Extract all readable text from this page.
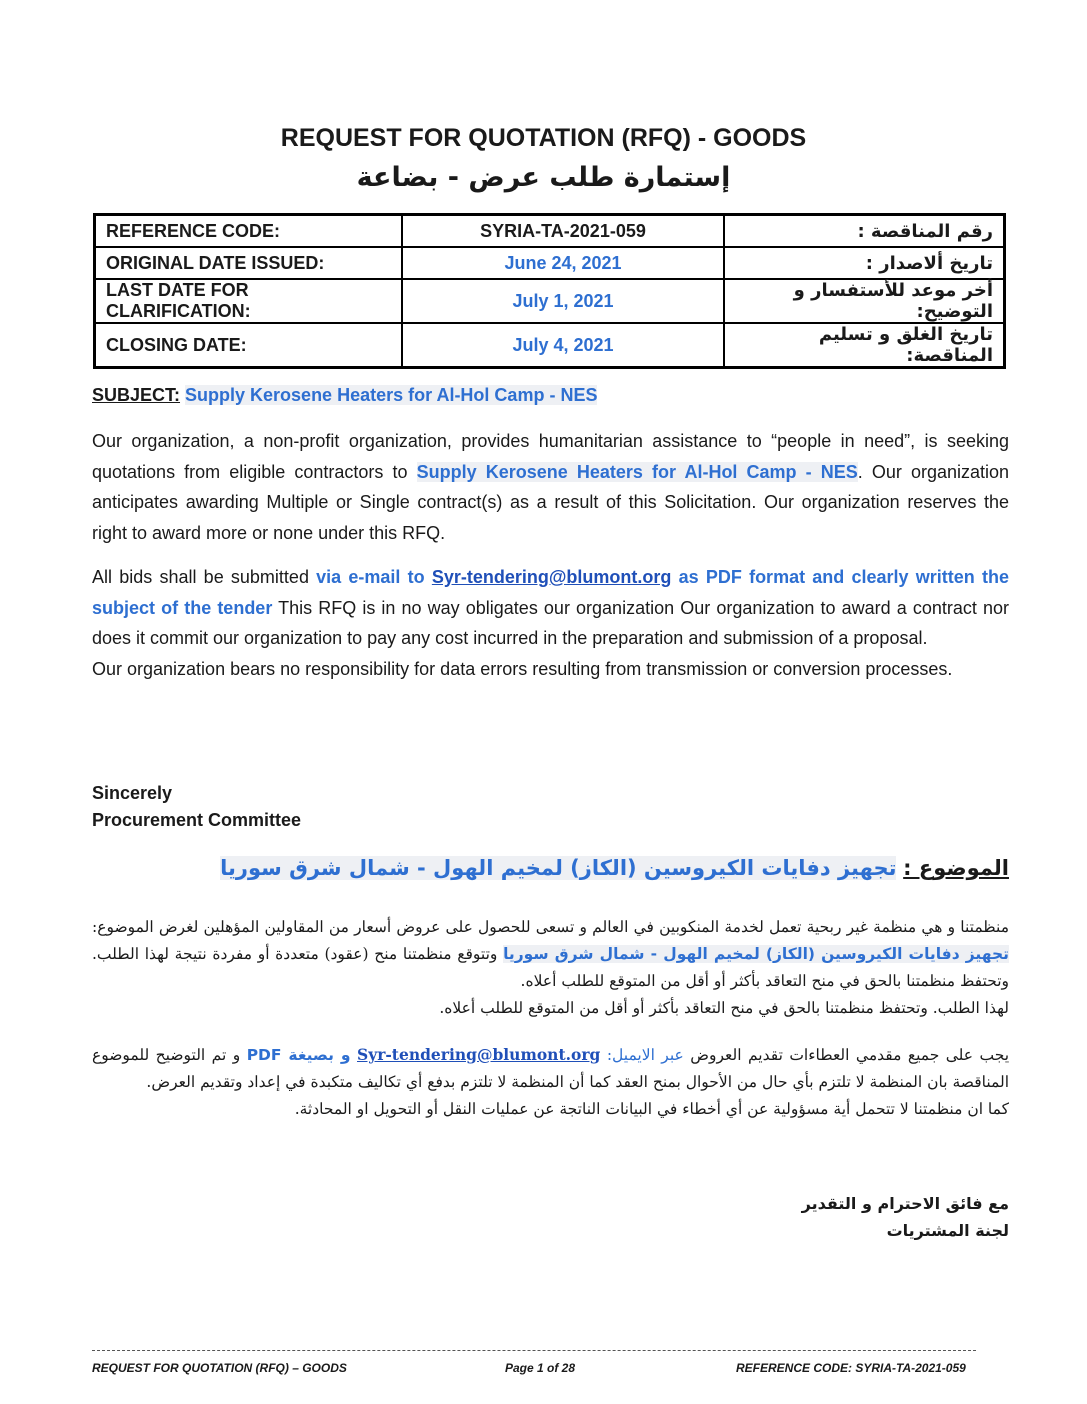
REQUEST FOR QUOTATION (RFQ) - GOODS
إستمارة طلب عرض - بضاعة
REFERENCE CODE:	SYRIA-TA-2021-059	رقم المناقصة :
ORIGINAL DATE ISSUED:	June 24, 2021	تاريخ ألاصدار :
LAST DATE FOR CLARIFICATION:	July 1, 2021	أخر موعد للأستفسار و التوضيح:
CLOSING DATE:	July 4, 2021	تاريخ الغلق و تسليم المناقصة:
SUBJECT: Supply Kerosene Heaters for Al-Hol Camp - NES
Our organization, a non-profit organization, provides humanitarian assistance to “people in need”, is seeking quotations from eligible contractors to Supply Kerosene Heaters for Al-Hol Camp - NES. Our organization anticipates awarding Multiple or Single contract(s) as a result of this Solicitation. Our organization reserves the right to award more or none under this RFQ.
All bids shall be submitted via e-mail to Syr-tendering@blumont.org as PDF format and clearly written the subject of the tender This RFQ is in no way obligates our organization Our organization to award a contract nor does it commit our organization to pay any cost incurred in the preparation and submission of a proposal.
Our organization bears no responsibility for data errors resulting from transmission or conversion processes.
Sincerely
Procurement Committee
الموضوع : تجهيز دفايات الكيروسين (الكاز) لمخيم الهول - شمال شرق سوريا
منظمتنا و هي منظمة غير ربحية تعمل لخدمة المنكوبين في العالم و تسعى للحصول على عروض أسعار من المقاولين المؤهلين لغرض الموضوع: تجهيز دفايات الكيروسين (الكاز) لمخيم الهول - شمال شرق سوريا وتتوقع منظمتنا منح (عقود) متعددة أو مفردة نتيجة لهذا الطلب. وتحتفظ منظمتنا بالحق في منح التعاقد بأكثر أو أقل من المتوقع للطلب أعلاه.
لهذا الطلب. وتحتفظ منظمتنا بالحق في منح التعاقد بأكثر أو أقل من المتوقع للطلب أعلاه.
يجب على جميع مقدمي العطاءات تقديم العروض عبر الايميل: Syr-tendering@blumont.org و بصيغة PDF و تم التوضيح للموضوع المناقصة بان المنظمة لا تلتزم بأي حال من الأحوال بمنح العقد كما أن المنظمة لا تلتزم بدفع أي تكاليف متكبدة في إعداد وتقديم العرض.
كما ان منظمتنا لا تتحمل أية مسؤولية عن أي أخطاء في البيانات الناتجة عن عمليات النقل أو التحويل او المحادثة.
مع فائق الاحترام و التقدير
لجنة المشتريات
REQUEST FOR QUOTATION (RFQ) – GOODS	Page 1 of 28	REFERENCE CODE: SYRIA-TA-2021-059
